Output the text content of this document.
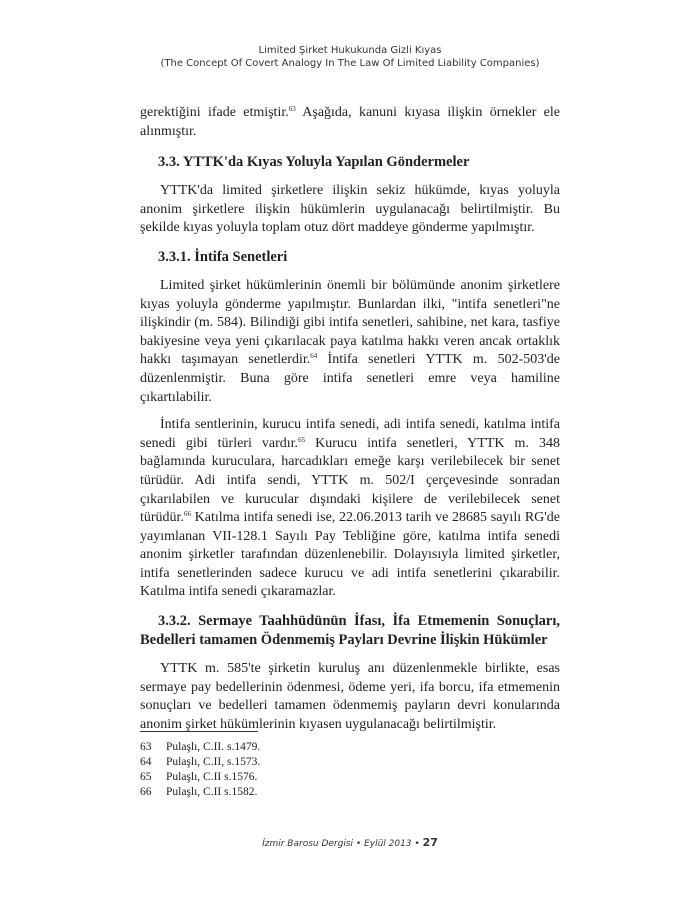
Limited Şirket Hukukunda Gizli Kıyas
(The Concept Of Covert Analogy In The Law Of Limited Liability Companies)

gerektiğini ifade etmiştir.$^{63}$ Aşağıda, kanuni kıyasa ilişkin örnekler ele alınmıştır.

3.3. YTTK'da Kıyas Yoluyla Yapılan Göndermeler

YTTK'da limited şirketlere ilişkin sekiz hükümde, kıyas yoluyla anonim şirketlere ilişkin hükümlerin uygulanacağı belirtilmiştir. Bu şekilde kıyas yoluyla toplam otuz dört maddeye gönderme yapılmıştır.

3.3.1. İntifa Senetleri

Limited şirket hükümlerinin önemli bir bölümünde anonim şirketlere kıyas yoluyla gönderme yapılmıştır. Bunlardan ilki, "intifa senetleri"ne ilişkindir (m. 584). Bilindiği gibi intifa senetleri, sahibine, net kara, tasfiye bakiyesine veya yeni çıkarılacak paya katılma hakkı veren ancak ortaklık hakkı taşımayan senetlerdir.$^{64}$ İntifa senetleri YTTK m. 502-503'de düzenlenmiştir. Buna göre intifa senetleri emre veya hamiline çıkartılabilir.

İntifa sentlerinin, kurucu intifa senedi, adi intifa senedi, katılma intifa senedi gibi türleri vardır.$^{65}$ Kurucu intifa senetleri, YTTK m. 348 bağlamında kuruculara, harcadıkları emeğe karşı verilebilecek bir senet türüdür. Adi intifa sendi, YTTK m. 502/I çerçevesinde sonradan çıkarılabilen ve kurucular dışındaki kişilere de verilebilecek senet türüdür.$^{66}$ Katılma intifa senedi ise, 22.06.2013 tarih ve 28685 sayılı RG'de yayımlanan VII-128.1 Sayılı Pay Tebliğine göre, katılma intifa senedi anonim şirketler tarafından düzenlenebilir. Dolayısıyla limited şirketler, intifa senetlerinden sadece kurucu ve adi intifa senetlerini çıkarabilir. Katılma intifa senedi çıkaramazlar.

3.3.2. Sermaye Taahhüdünün İfası, İfa Etmemenin Sonuçları, Bedelleri tamamen Ödenmemiş Payları Devrine İlişkin Hükümler

YTTK m. 585'te şirketin kuruluş anı düzenlenmekle birlikte, esas sermaye pay bedellerinin ödenmesi, ödeme yeri, ifa borcu, ifa etmemenin sonuçları ve bedelleri tamamen ödenmemiş payların devri konularında anonim şirket hükümlerinin kıyasen uygulanacağı belirtilmiştir.

63	Pulaşlı, C.II. s.1479.
64	Pulaşlı, C.II, s.1573.
65	Pulaşlı, C.II s.1576.
66	Pulaşlı, C.II s.1582.
İzmir Barosu Dergisi • Eylül 2013 • 27
